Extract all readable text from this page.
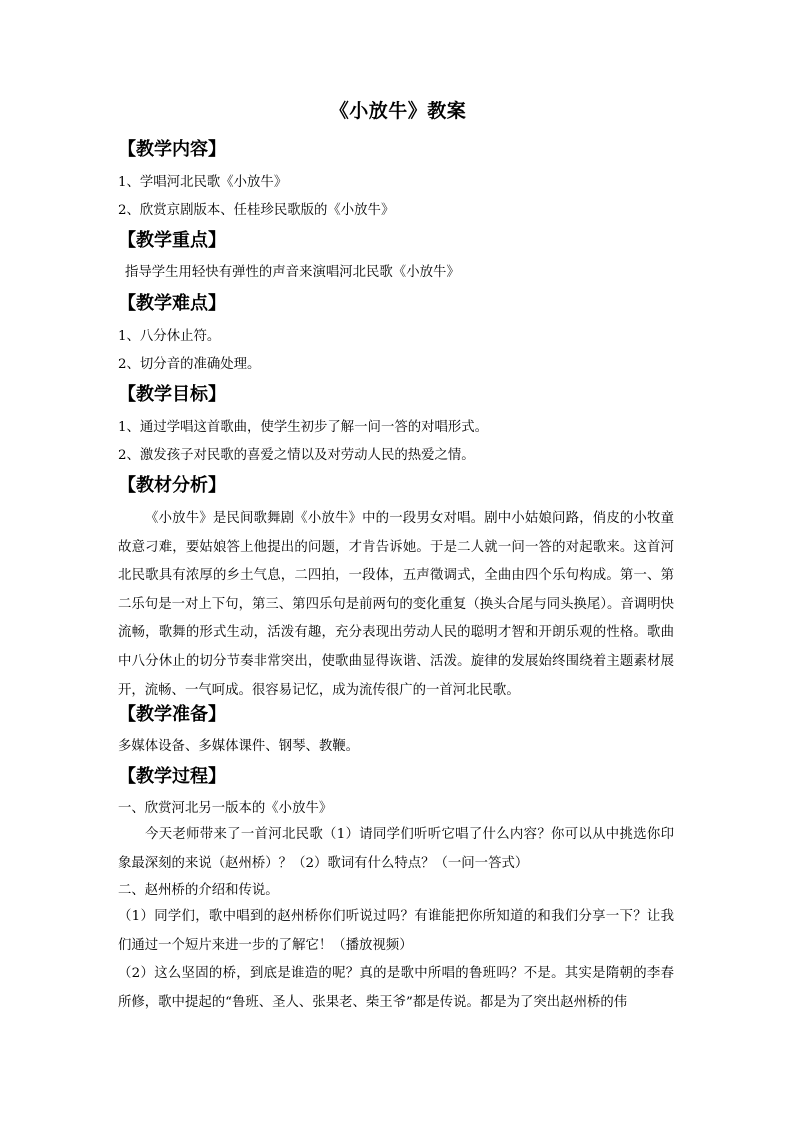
《小放牛》教案
【教学内容】
1、学唱河北民歌《小放牛》
2、欣赏京剧版本、任桂珍民歌版的《小放牛》
【教学重点】
指导学生用轻快有弹性的声音来演唱河北民歌《小放牛》
【教学难点】
1、八分休止符。
2、切分音的准确处理。
【教学目标】
1、通过学唱这首歌曲，使学生初步了解一问一答的对唱形式。
2、激发孩子对民歌的喜爱之情以及对劳动人民的热爱之情。
【教材分析】
《小放牛》是民间歌舞剧《小放牛》中的一段男女对唱。剧中小姑娘问路，俏皮的小牧童故意刁难，要姑娘答上他提出的问题，才肯告诉她。于是二人就一问一答的对起歌来。这首河北民歌具有浓厚的乡土气息，二四拍，一段体，五声徵调式，全曲由四个乐句构成。第一、第二乐句是一对上下句，第三、第四乐句是前两句的变化重复（换头合尾与同头换尾）。音调明快流畅，歌舞的形式生动，活泼有趣，充分表现出劳动人民的聪明才智和开朗乐观的性格。歌曲中八分休止的切分节奏非常突出，使歌曲显得诙谐、活泼。旋律的发展始终围绕着主题素材展开，流畅、一气呵成。很容易记忆，成为流传很广的一首河北民歌。
【教学准备】
多媒体设备、多媒体课件、钢琴、教鞭。
【教学过程】
一、欣赏河北另一版本的《小放牛》
今天老师带来了一首河北民歌（1）请同学们听听它唱了什么内容？你可以从中挑选你印象最深刻的来说（赵州桥）？（2）歌词有什么特点？（一问一答式）
二、赵州桥的介绍和传说。
（1）同学们，歌中唱到的赵州桥你们听说过吗？有谁能把你所知道的和我们分享一下？让我们通过一个短片来进一步的了解它！（播放视频）
（2）这么坚固的桥，到底是谁造的呢？真的是歌中所唱的鲁班吗？不是。其实是隋朝的李春所修，歌中提起的“鲁班、圣人、张果老、柴王爷”都是传说。都是为了突出赵州桥的伟
